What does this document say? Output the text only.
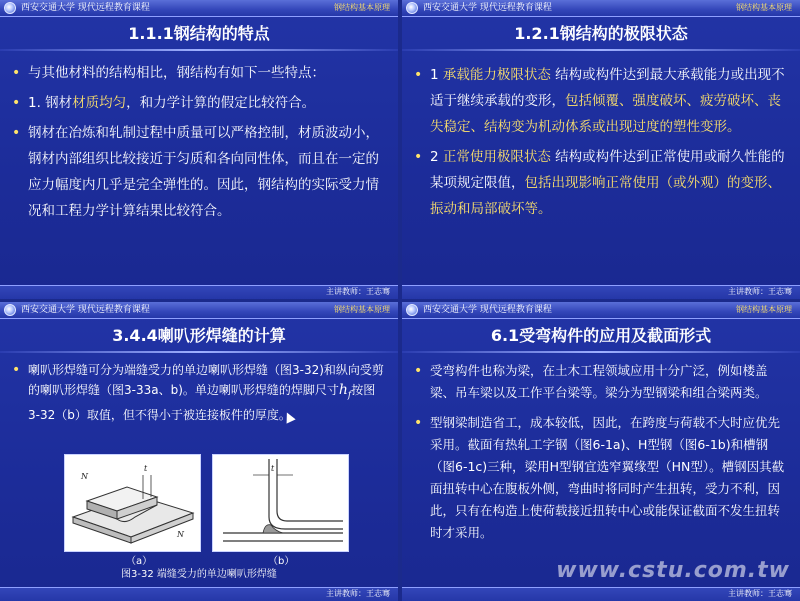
西安交通大学 现代远程教育课程	钢结构基本原理
1.1.1钢结构的特点
• 与其他材料的结构相比，钢结构有如下一些特点：
• 1. 钢材材质均匀，和力学计算的假定比较符合。
• 钢材在冶炼和轧制过程中质量可以严格控制，材质波动小，钢材内部组织比较接近于匀质和各向同性体，而且在一定的应力幅度内几乎是完全弹性的。因此，钢结构的实际受力情况和工程力学计算结果比较符合。
主讲教师：王志骞
西安交通大学 现代远程教育课程	钢结构基本原理
1.2.1钢结构的极限状态
• 1 承载能力极限状态 结构或构件达到最大承载能力或出现不适于继续承载的变形，包括倾覆、强度破坏、疲劳破坏、丧失稳定、结构变为机动体系或出现过度的塑性变形。
• 2 正常使用极限状态 结构或构件达到正常使用或耐久性能的某项规定限值，包括出现影响正常使用（或外观）的变形、振动和局部破坏等。
主讲教师：王志骞
西安交通大学 现代远程教育课程	钢结构基本原理
3.4.4喇叭形焊缝的计算
• 喇叭形焊缝可分为端缝受力的单边喇叭形焊缝（图3-32)和纵向受剪的喇叭形焊缝（图3-33a、b)。单边喇叭形焊缝的焊脚尺寸$h_f$按图3-32（b）取值，但不得小于被连接板件的厚度。
N
t
N
t
（a）	（b）
图3-32 端缝受力的单边喇叭形焊缝
主讲教师：王志骞
西安交通大学 现代远程教育课程	钢结构基本原理
6.1受弯构件的应用及截面形式
• 受弯构件也称为梁，在土木工程领域应用十分广泛，例如楼盖梁、吊车梁以及工作平台梁等。梁分为型钢梁和组合梁两类。
• 型钢梁制造省工，成本较低，因此，在跨度与荷载不大时应优先采用。截面有热轧工字钢（图6-1a)、H型钢（图6-1b)和槽钢（图6-1c)三种，梁用H型钢宜选窄翼缘型（HN型）。槽钢因其截面扭转中心在腹板外侧，弯曲时将同时产生扭转，受力不利，因此，只有在构造上使荷载接近扭转中心或能保证截面不发生扭转时才采用。
www.cstu.com.tw
主讲教师：王志骞
